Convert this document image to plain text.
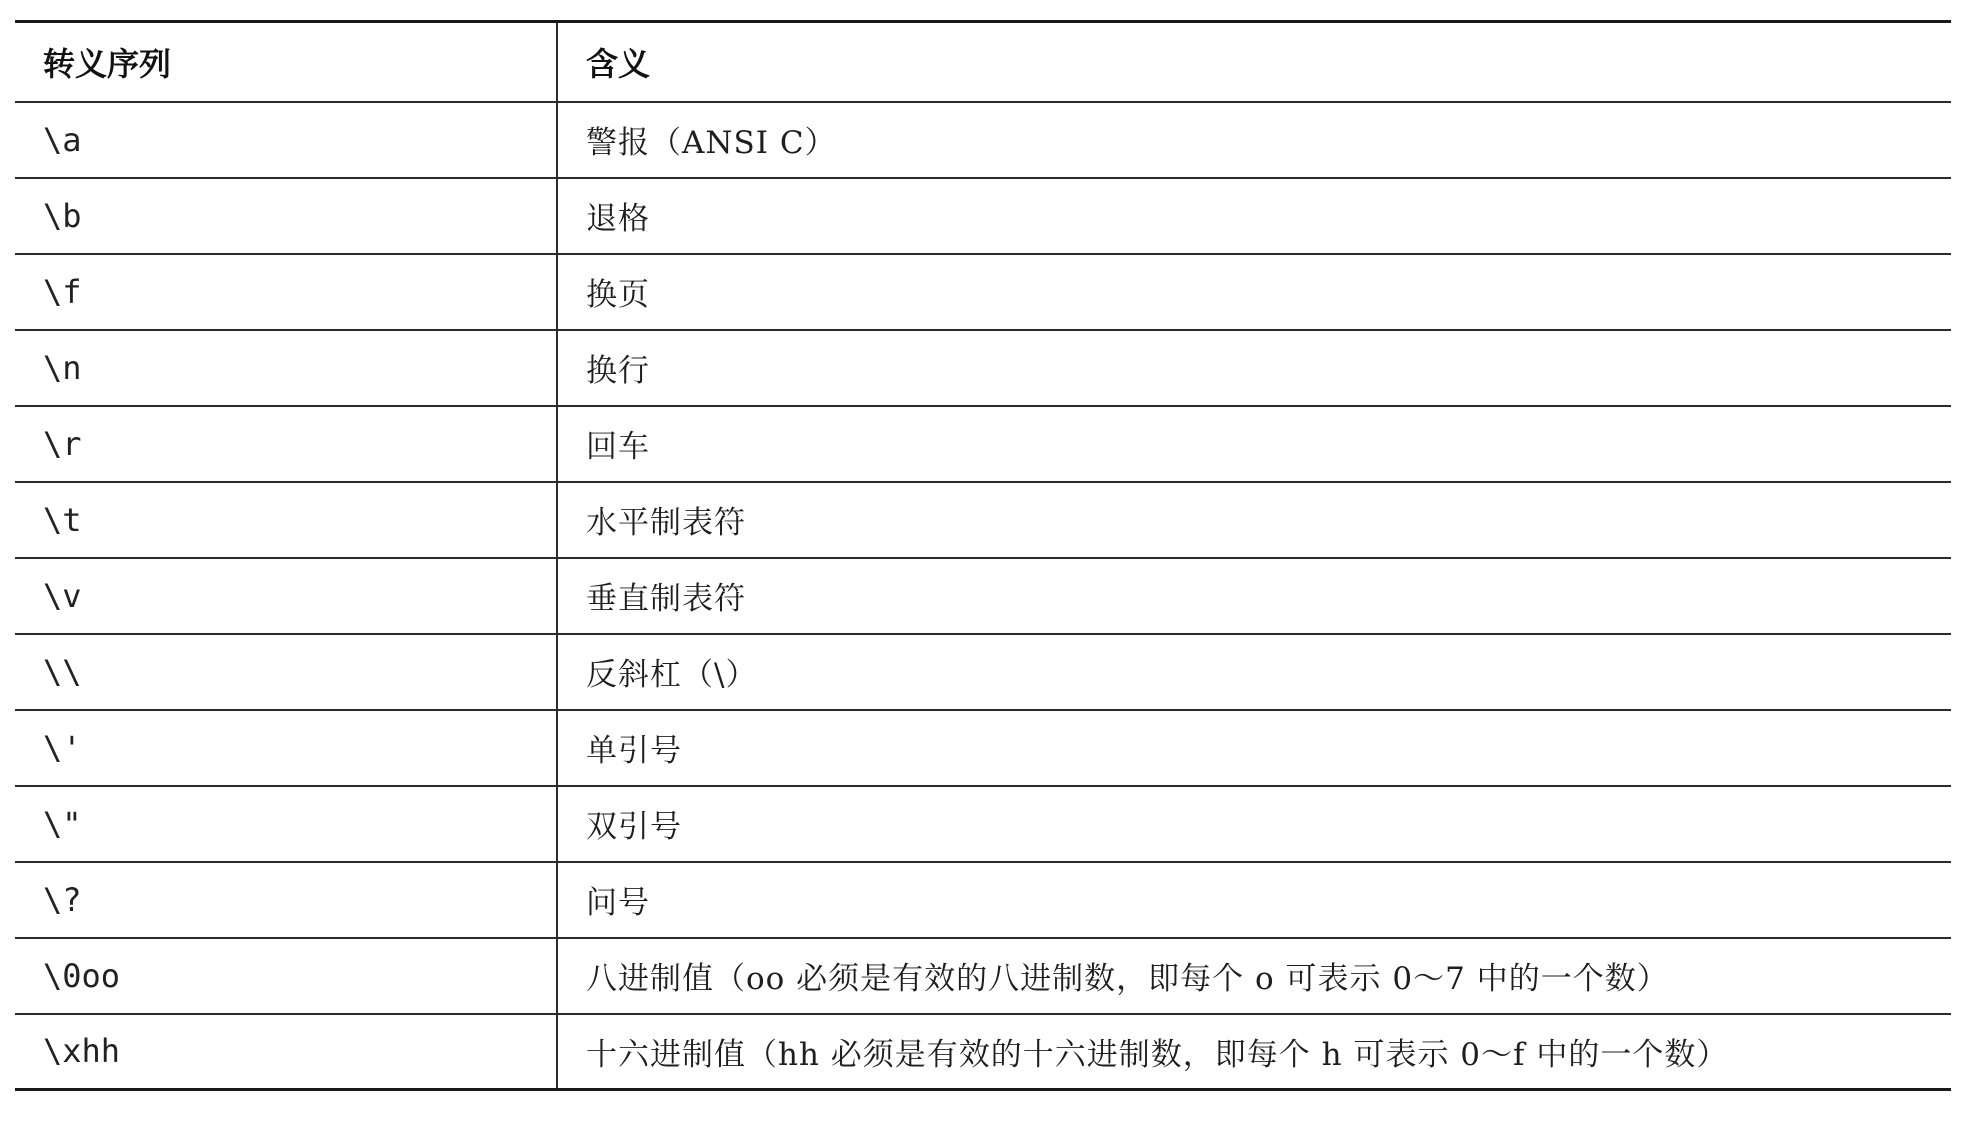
转义序列	含义
\a	警报（ANSI C）
\b	退格
\f	换页
\n	换行
\r	回车
\t	水平制表符
\v	垂直制表符
\\	反斜杠（\）
\'	单引号
\"	双引号
\?	问号
\0oo	八进制值（oo 必须是有效的八进制数，即每个 o 可表示 0～7 中的一个数）
\xhh	十六进制值（hh 必须是有效的十六进制数，即每个 h 可表示 0～f 中的一个数）
